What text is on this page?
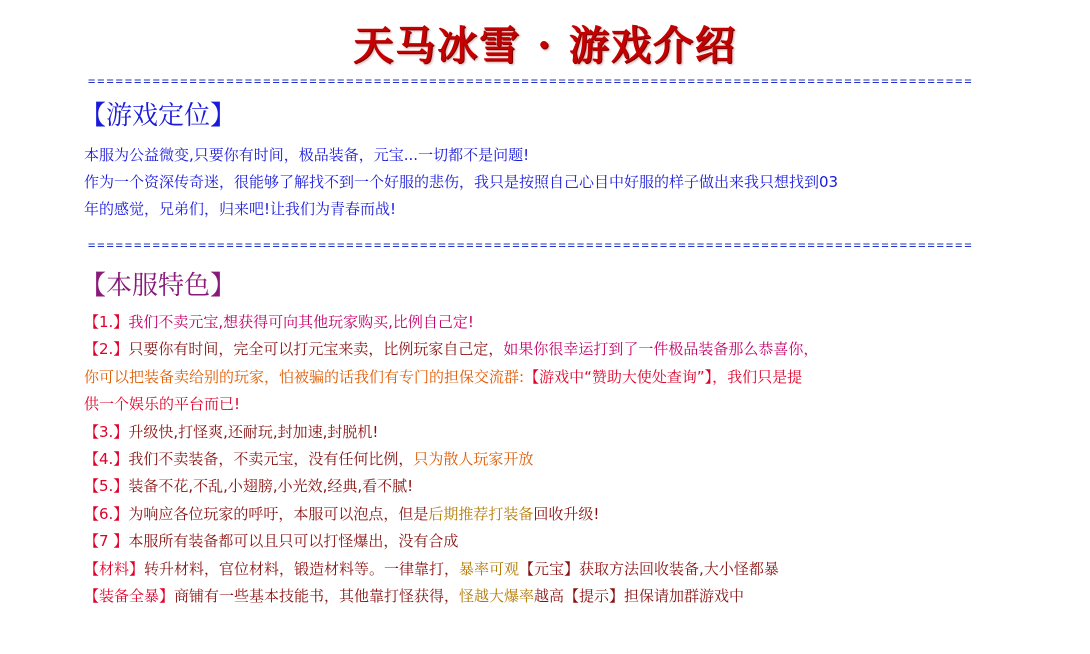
天马冰雪 · 游戏介绍
================================================================================================
【游戏定位】
本服为公益微变,只要你有时间，极品装备，元宝...一切都不是问题!
作为一个资深传奇迷，很能够了解找不到一个好服的悲伤，我只是按照自己心目中好服的样子做出来我只想找到03
年的感觉，兄弟们，归来吧!让我们为青春而战!
================================================================================================
【本服特色】
【1.】我们不卖元宝,想获得可向其他玩家购买,比例自己定!
【2.】只要你有时间，完全可以打元宝来卖，比例玩家自己定，如果你很幸运打到了一件极品装备那么恭喜你，
你可以把装备卖给别的玩家，怕被骗的话我们有专门的担保交流群:【游戏中“赞助大使处查询”】，我们只是提
供一个娱乐的平台而已!
【3.】升级快,打怪爽,还耐玩,封加速,封脱机!
【4.】我们不卖装备，不卖元宝，没有任何比例，只为散人玩家开放
【5.】装备不花,不乱,小翅膀,小光效,经典,看不腻!
【6.】为响应各位玩家的呼吁，本服可以泡点，但是后期推荐打装备回收升级!
【7 】本服所有装备都可以且只可以打怪爆出，没有合成
【材料】转升材料，官位材料，锻造材料等。一律靠打，暴率可观【元宝】获取方法回收装备,大小怪都暴
【装备全暴】商铺有一些基本技能书，其他靠打怪获得，怪越大爆率越高【提示】担保请加群游戏中
